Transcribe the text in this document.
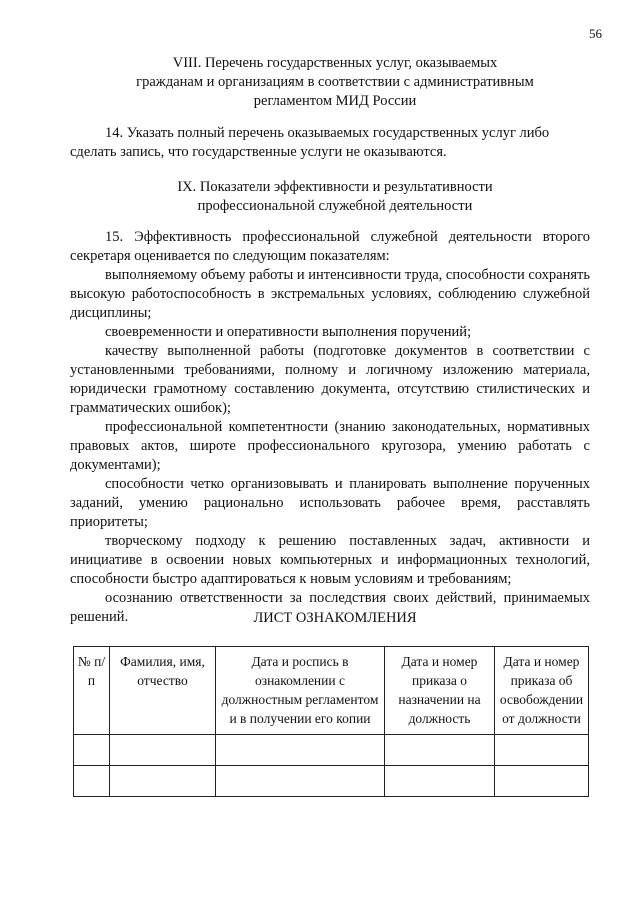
56
VIII. Перечень государственных услуг, оказываемых
гражданам и организациям в соответствии с административным
регламентом МИД России
14. Указать полный перечень оказываемых государственных услуг либо
сделать запись, что государственные услуги не оказываются.
IX. Показатели эффективности и результативности
профессиональной служебной деятельности

15. Эффективность профессиональной служебной деятельности второго секретаря оценивается по следующим показателям:

выполняемому объему работы и интенсивности труда, способности сохранять высокую работоспособность в экстремальных условиях, соблюдению служебной дисциплины;

своевременности и оперативности выполнения поручений;

качеству выполненной работы (подготовке документов в соответствии с установленными требованиями, полному и логичному изложению материала, юридически грамотному составлению документа, отсутствию стилистических и грамматических ошибок);

профессиональной компетентности (знанию законодательных, нормативных правовых актов, широте профессионального кругозора, умению работать с документами);

способности четко организовывать и планировать выполнение порученных заданий, умению рационально использовать рабочее время, расставлять приоритеты;

творческому подходу к решению поставленных задач, активности и инициативе в освоении новых компьютерных и информационных технологий, способности быстро адаптироваться к новым условиям и требованиям;

осознанию ответственности за последствия своих действий, принимаемых решений.	ЛИСТ ОЗНАКОМЛЕНИЯ
№ п/п	Фамилия, имя, отчество	Дата и роспись в ознакомлении с должностным регламентом и в получении его копии	Дата и номер приказа о назначении на должность	Дата и номер приказа об освобождении от должности
